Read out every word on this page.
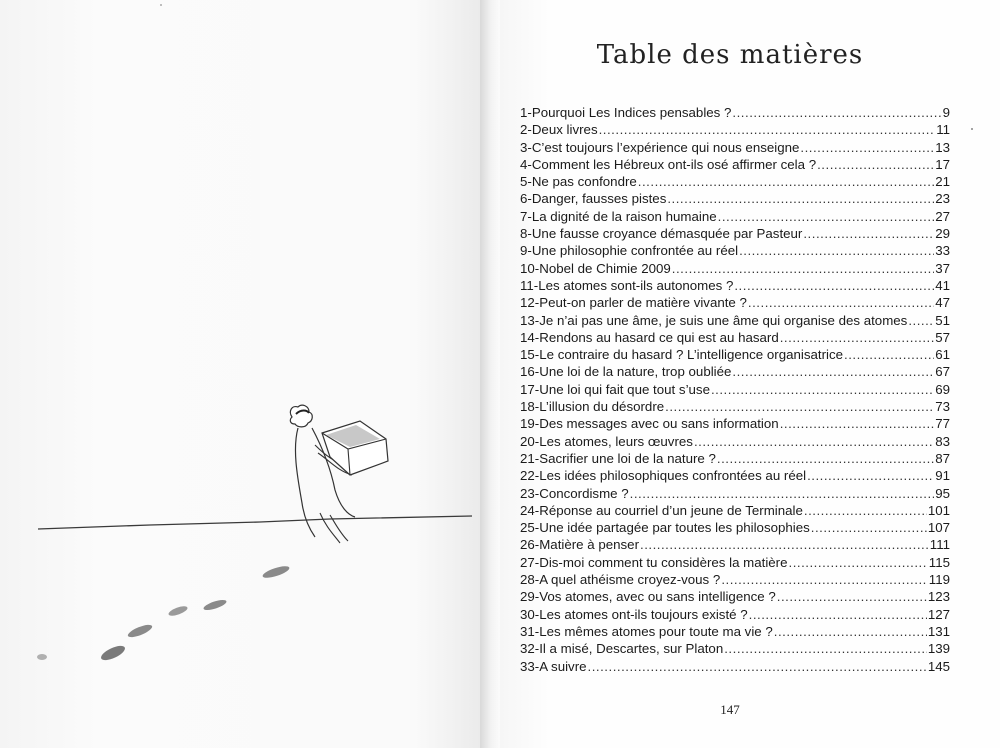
Table des matières
1-Pourquoi Les Indices pensables ? .....	9
2-Deux livres .....	11
3-C’est toujours l’expérience qui nous enseigne .....	13
4-Comment les Hébreux ont-ils osé affirmer cela ? .....	17
5-Ne pas confondre .....	21
6-Danger, fausses pistes .....	23
7-La dignité de la raison humaine .....	27
8-Une fausse croyance démasquée par Pasteur .....	29
9-Une philosophie confrontée au réel .....	33
10-Nobel de Chimie 2009 .....	37
11-Les atomes sont-ils autonomes ? .....	41
12-Peut-on parler de matière vivante ? .....	47
13-Je n’ai pas une âme, je suis une âme qui organise des atomes ..... 51
14-Rendons au hasard ce qui est au hasard .....	57
15-Le contraire du hasard ? L’intelligence organisatrice .....	61
16-Une loi de la nature, trop oubliée .....	67
17-Une loi qui fait que tout s’use .....	69
18-L’illusion du désordre .....	73
19-Des messages avec ou sans information .....	77
20-Les atomes, leurs œuvres .....	83
21-Sacrifier une loi de la nature ? .....	87
22-Les idées philosophiques confrontées au réel .....	91
23-Concordisme ? .....	95
24-Réponse au courriel d’un jeune de Terminale .....	101
25-Une idée partagée par toutes les philosophies .....	107
26-Matière à penser .....	111
27-Dis-moi comment tu considères la matière .....	115
28-A quel athéisme croyez-vous ? .....	119
29-Vos atomes, avec ou sans intelligence ? .....	123
30-Les atomes ont-ils toujours existé ? .....	127
31-Les mêmes atomes pour toute ma vie ? .....	131
32-Il a misé, Descartes, sur Platon .....	139
33-A suivre .....	145
147
